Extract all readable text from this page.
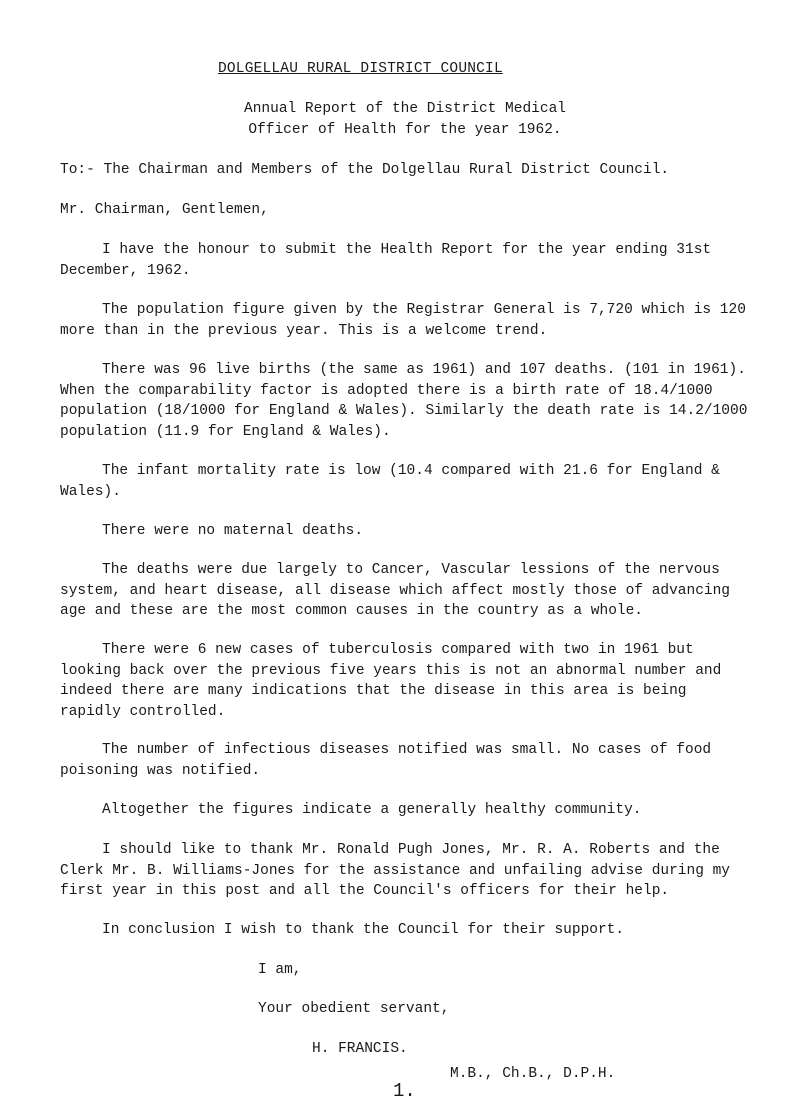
DOLGELLAU RURAL DISTRICT COUNCIL
Annual Report of the District Medical
Officer of Health for the year 1962.

To:- The Chairman and Members of the Dolgellau Rural District Council.

Mr. Chairman, Gentlemen,

I have the honour to submit the Health Report for the year ending 31st December, 1962.

The population figure given by the Registrar General is 7,720 which is 120 more than in the previous year. This is a welcome trend.

There was 96 live births (the same as 1961) and 107 deaths. (101 in 1961). When the comparability factor is adopted there is a birth rate of 18.4/1000 population (18/1000 for England & Wales). Similarly the death rate is 14.2/1000 population (11.9 for England & Wales).

The infant mortality rate is low (10.4 compared with 21.6 for England & Wales).

There were no maternal deaths.

The deaths were due largely to Cancer, Vascular lessions of the nervous system, and heart disease, all disease which affect mostly those of advancing age and these are the most common causes in the country as a whole.

There were 6 new cases of tuberculosis compared with two in 1961 but looking back over the previous five years this is not an abnormal number and indeed there are many indications that the disease in this area is being rapidly controlled.

The number of infectious diseases notified was small. No cases of food poisoning was notified.

Altogether the figures indicate a generally healthy community.

I should like to thank Mr. Ronald Pugh Jones, Mr. R. A. Roberts and the Clerk Mr. B. Williams-Jones for the assistance and unfailing advise during my first year in this post and all the Council's officers for their help.

In conclusion I wish to thank the Council for their support.

I am,
Your obedient servant,
H. FRANCIS.
M.B., Ch.B., D.P.H.
1.
